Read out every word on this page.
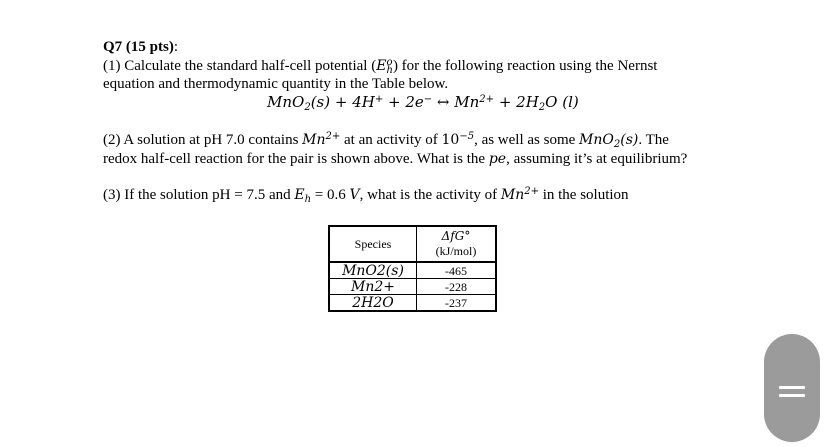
Q7 (15 pts):
(1) Calculate the standard half-cell potential $(E^o_h)$ for the following reaction using the Nernst
equation and thermodynamic quantity in the Table below.
MnO$_2$(s) + 4H+ + 2e− ↔ $Mn^{2+} + 2H_2O$ (l)
(2) A solution at pH 7.0 contains $Mn^{2+}$ at an activity of $10^{-5}$, as well as some MnO$_2$(s). The
redox half-cell reaction for the pair is shown above. What is the pe, assuming it’s at equilibrium?
(3) If the solution pH = 7.5 and $E_h = 0.6$ V, what is the activity of $Mn^{2+}$ in the solution
Species	ΔfG°
(kJ/mol)
MnO2(s)	-465
Mn2+	-228
2H2O	-237
